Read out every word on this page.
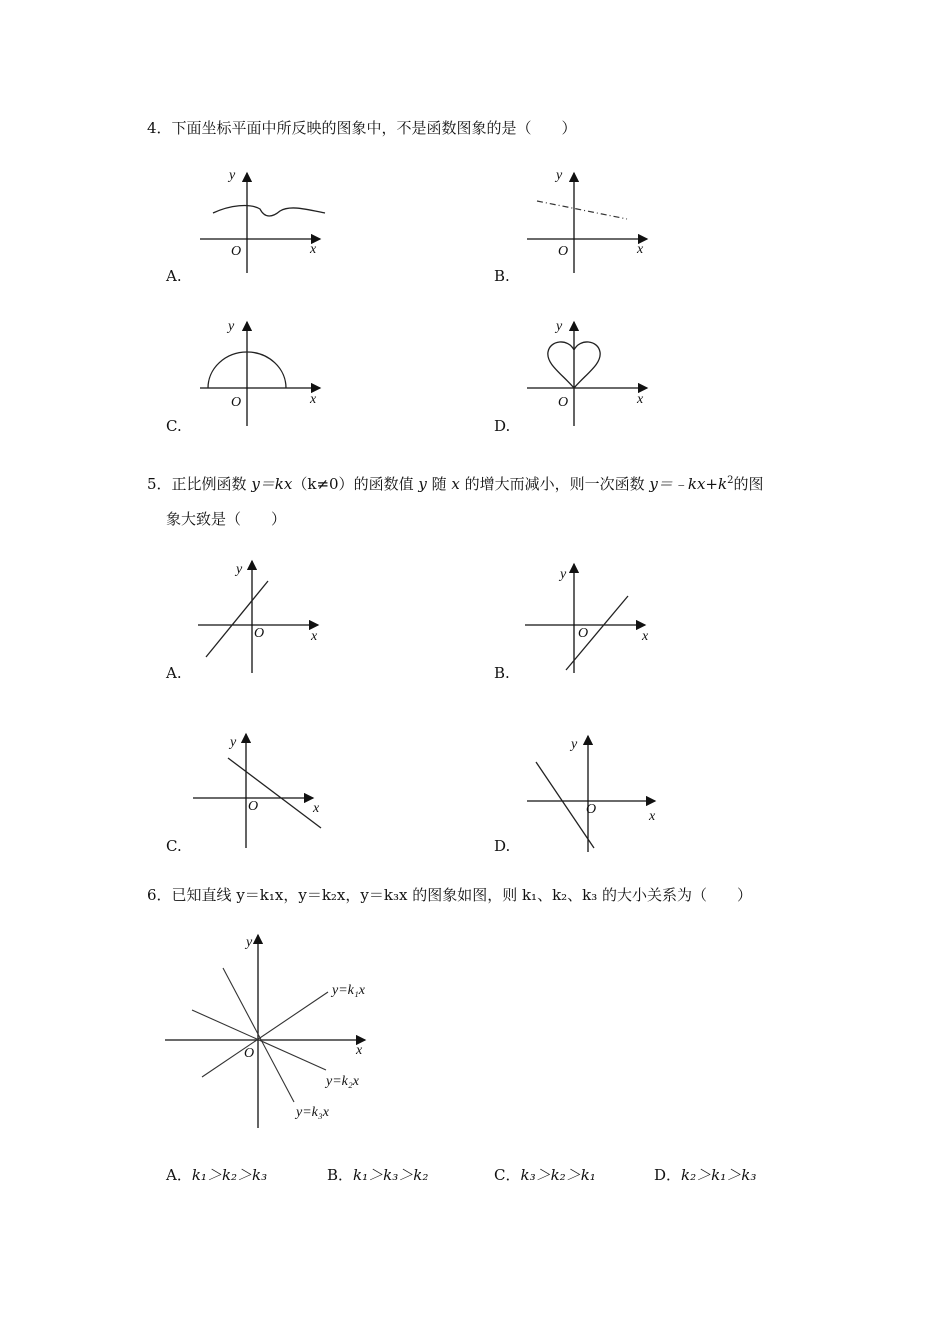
4．下面坐标平面中所反映的图象中，不是函数图象的是（　　）
y
O	x
A.
y
O	x
B.
y
O	x
C.
y
O	x
D.
5．正比例函数 y＝kx（k≠0）的函数值 y 随 x 的增大而减小，则一次函数 $y=﹣kx+k^2$的图
象大致是（　　）
y
O	x
A.
y
O	x
B.
y
O	x
C.
y
O	x
D.
6．已知直线 y＝k₁x，y＝k₂x，y＝k₃x 的图象如图，则 k₁、k₂、k₃ 的大小关系为（　　）
y
O	x
y=k₁x
y=k₂x
y=k₃x
A．k₁＞k₂＞k₃	B．k₁＞k₃＞k₂	C．k₃＞k₂＞k₁	D．k₂＞k₁＞k₃
